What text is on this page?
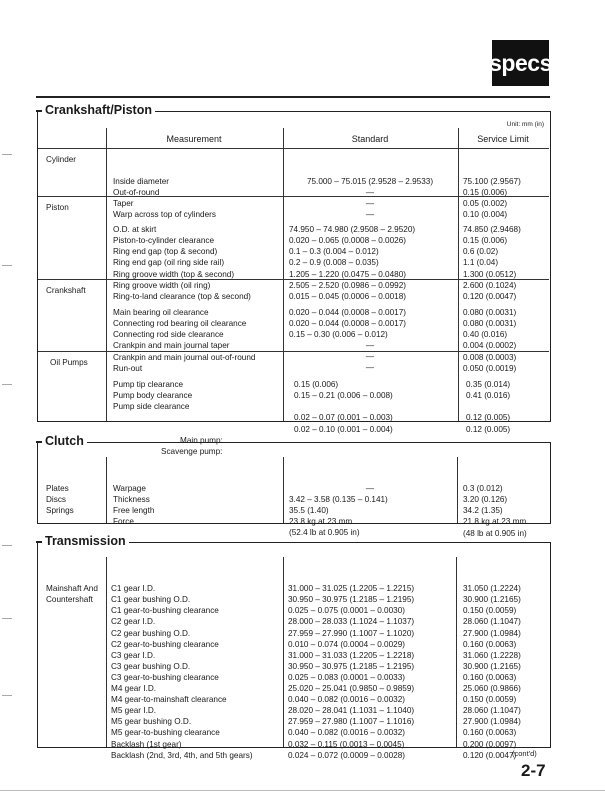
specs
Crankshaft/Piston
Unit: mm (in)
Measurement	Standard	Service Limit
Cylinder

Inside diameter
Out-of-round
Taper
Warp across top of cylinders

75.000 – 75.015 (2.9528 – 2.9533)
—
—
—

75.100 (2.9567)
0.15 (0.006)
0.05 (0.002)
0.10 (0.004)

Piston

O.D. at skirt
Piston-to-cylinder clearance
Ring end gap (top & second)
Ring end gap (oil ring side rail)
Ring groove width (top & second)
Ring groove width (oil ring)
Ring-to-land clearance (top & second)

74.950 – 74.980 (2.9508 – 2.9520)
0.020 – 0.065 (0.0008 – 0.0026)
0.1 – 0.3 (0.004 – 0.012)
0.2 – 0.9 (0.008 – 0.035)
1.205 – 1.220 (0.0475 – 0.0480)
2.505 – 2.520 (0.0986 – 0.0992)
0.015 – 0.045 (0.0006 – 0.0018)

74.850 (2.9468)
0.15 (0.006)
0.6 (0.02)
1.1 (0.04)
1.300 (0.0512)
2.600 (0.1024)
0.120 (0.0047)

Crankshaft

Main bearing oil clearance
Connecting rod bearing oil clearance
Connecting rod side clearance
Crankpin and main journal taper
Crankpin and main journal out-of-round
Run-out

0.020 – 0.044 (0.0008 – 0.0017)
0.020 – 0.044 (0.0008 – 0.0017)
0.15 – 0.30 (0.006 – 0.012)

—
—
—

0.080 (0.0031)
0.080 (0.0031)
0.40 (0.016)
0.004 (0.0002)
0.008 (0.0003)
0.050 (0.0019)

Oil Pumps

Pump tip clearance
Pump body clearance
Pump side clearance

Main pump:
Scavenge pump:

0.15 (0.006)
0.15 – 0.21 (0.006 – 0.008)
0.02 – 0.07 (0.001 – 0.003)
0.02 – 0.10 (0.001 – 0.004)

0.35 (0.014)
0.41 (0.016)
0.12 (0.005)
0.12 (0.005)

Clutch

Plates
Discs
Springs

Warpage
Thickness
Free length
Force

—

3.42 – 3.58 (0.135 – 0.141)
35.5 (1.40)
23.8 kg at 23 mm
(52.4 lb at 0.905 in)

0.3 (0.012)
3.20 (0.126)
34.2 (1.35)
21.8 kg at 23 mm
(48 lb at 0.905 in)

Transmission

Mainshaft And
Countershaft

C1 gear I.D.
C1 gear bushing O.D.
C1 gear-to-bushing clearance
C2 gear I.D.
C2 gear bushing O.D.
C2 gear-to-bushing clearance
C3 gear I.D.
C3 gear bushing O.D.
C3 gear-to-bushing clearance
M4 gear I.D.
M4 gear-to-mainshaft clearance
M5 gear I.D.
M5 gear bushing O.D.
M5 gear-to-bushing clearance
Backlash (1st gear)
Backlash (2nd, 3rd, 4th, and 5th gears)

31.000 – 31.025 (1.2205 – 1.2215)
30.950 – 30.975 (1.2185 – 1.2195)
0.025 – 0.075 (0.0001 – 0.0030)
28.000 – 28.033 (1.1024 – 1.1037)
27.959 – 27.990 (1.1007 – 1.1020)
0.010 – 0.074 (0.0004 – 0.0029)
31.000 – 31.033 (1.2205 – 1.2218)
30.950 – 30.975 (1.2185 – 1.2195)
0.025 – 0.083 (0.0001 – 0.0033)
25.020 – 25.041 (0.9850 – 0.9859)
0.040 – 0.082 (0.0016 – 0.0032)
28.020 – 28.041 (1.1031 – 1.1040)
27.959 – 27.980 (1.1007 – 1.1016)
0.040 – 0.082 (0.0016 – 0.0032)
0.032 – 0.115 (0.0013 – 0.0045)
0.024 – 0.072 (0.0009 – 0.0028)

31.050 (1.2224)
30.900 (1.2165)
0.150 (0.0059)
28.060 (1.1047)
27.900 (1.0984)
0.160 (0.0063)
31.060 (1.2228)
30.900 (1.2165)
0.160 (0.0063)
25.060 (0.9866)
0.150 (0.0059)
28.060 (1.1047)
27.900 (1.0984)
0.160 (0.0063)
0.200 (0.0097)
0.120 (0.0047)

(cont'd)
2-7
